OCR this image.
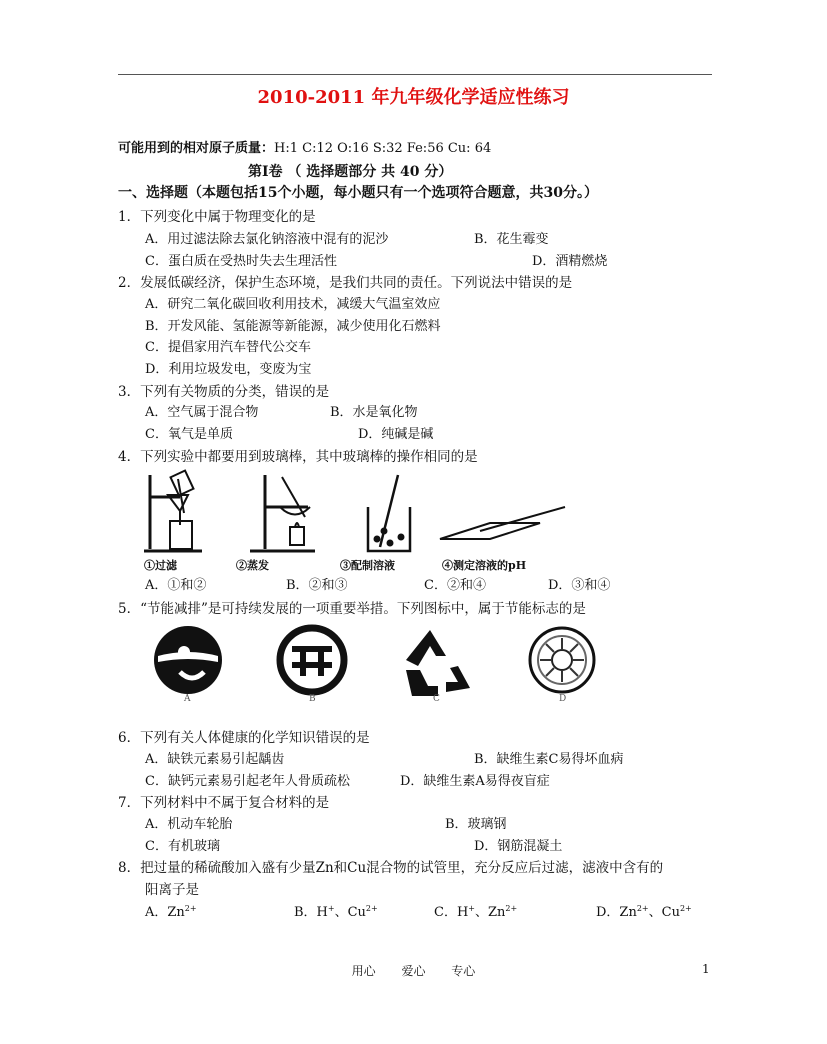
2010-2011 年九年级化学适应性练习
可能用到的相对原子质量：H:1 C:12 O:16 S:32 Fe:56 Cu: 64
第Ⅰ卷 （ 选择题部分 共 40 分）
一、选择题（本题包括15个小题，每小题只有一个选项符合题意，共30分。）
1．下列变化中属于物理变化的是
A．用过滤法除去氯化钠溶液中混有的泥沙	B．花生霉变
C．蛋白质在受热时失去生理活性	D．酒精燃烧
2．发展低碳经济，保护生态环境，是我们共同的责任。下列说法中错误的是
A．研究二氧化碳回收利用技术，减缓大气温室效应
B．开发风能、氢能源等新能源，减少使用化石燃料
C．提倡家用汽车替代公交车
D．利用垃圾发电，变废为宝
3．下列有关物质的分类，错误的是
A．空气属于混合物	B．水是氧化物
C．氧气是单质	D．纯碱是碱
4．下列实验中都要用到玻璃棒，其中玻璃棒的操作相同的是
①过滤	②蒸发	③配制溶液	④测定溶液的pH
A．①和②	B．②和③	C．②和④	D．③和④
5．“节能减排”是可持续发展的一项重要举措。下列图标中，属于节能标志的是
A	B	C	D
6．下列有关人体健康的化学知识错误的是
A．缺铁元素易引起龋齿	B．缺维生素C易得坏血病
C．缺钙元素易引起老年人骨质疏松	D．缺维生素A易得夜盲症
7．下列材料中不属于复合材料的是
A．机动车轮胎	B．玻璃钢
C．有机玻璃	D．钢筋混凝土
8．把过量的稀硫酸加入盛有少量Zn和Cu混合物的试管里，充分反应后过滤，滤液中含有的
阳离子是
A．$Zn^{2+}$	B．H+、$Cu^{2+}$	C．H+、$Zn^{2+}$	D．$Zn^{2+}$、$Cu^{2+}$
用心 爱心 专心	1
